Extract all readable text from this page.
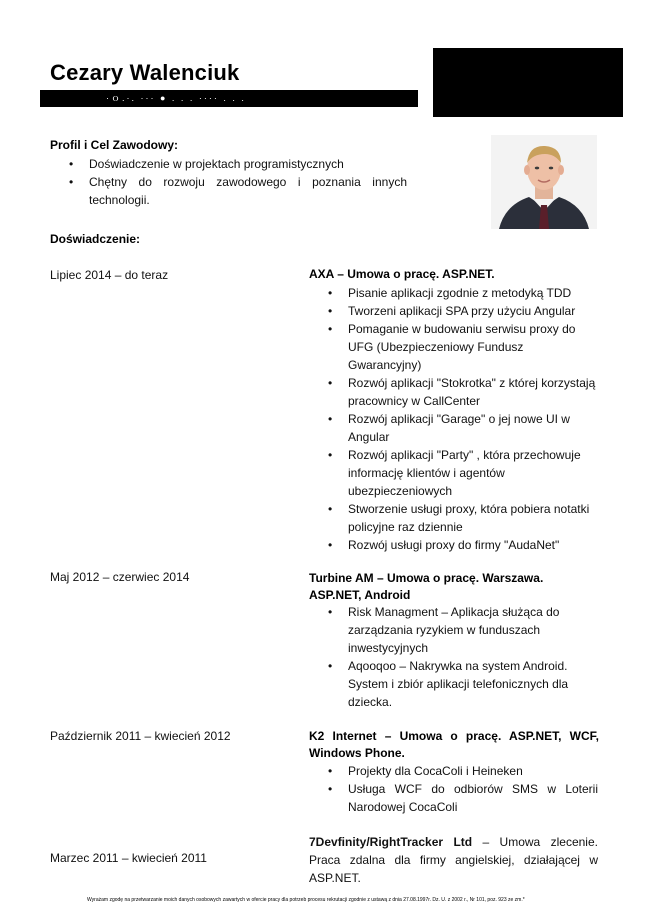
Cezary Walenciuk
·ｏ.·. ··· ● . . . ···· . . .
Profil i Cel Zawodowy:
• Doświadczenie w projektach programistycznych
• Chętny do rozwoju zawodowego i poznania innych technologii.
Doświadczenie:
Lipiec 2014 – do teraz	AXA – Umowa o pracę. ASP.NET.
• Pisanie aplikacji zgodnie z metodyką TDD
• Tworzeni aplikacji SPA przy użyciu Angular
• Pomaganie w budowaniu serwisu proxy do UFG (Ubezpieczeniowy Fundusz Gwarancyjny)
• Rozwój aplikacji "Stokrotka" z której korzystają pracownicy w CallCenter
• Rozwój aplikacji "Garage" o jej nowe UI w Angular
• Rozwój aplikacji "Party" , która przechowuje informację klientów i agentów ubezpieczeniowych
• Stworzenie usługi proxy, która pobiera notatki policyjne raz dziennie
• Rozwój usługi proxy do firmy "AudaNet"
Maj 2012 – czerwiec 2014	Turbine AM – Umowa o pracę. Warszawa. ASP.NET, Android
• Risk Managment – Aplikacja służąca do zarządzania ryzykiem w funduszach inwestycyjnych
• Aqooqoo – Nakrywka na system Android. System i zbiór aplikacji telefonicznych dla dziecka.
Październik 2011 – kwiecień 2012	K2 Internet – Umowa o pracę. ASP.NET, WCF, Windows Phone.
• Projekty dla CocaColi i Heineken
• Usługa WCF do odbiorów SMS w Loterii Narodowej CocaColi
Marzec 2011 – kwiecień 2011
7Devfinity/RightTracker Ltd – Umowa zlecenie. Praca zdalna dla firmy angielskiej, działającej w ASP.NET.
Wyrażam zgodę na przetwarzanie moich danych osobowych zawartych w ofercie pracy dla potrzeb procesu rekrutacji zgodnie z ustawą z dnia 27.08.1997r. Dz. U. z 2002 r., Nr 101, poz. 923 ze zm.*
